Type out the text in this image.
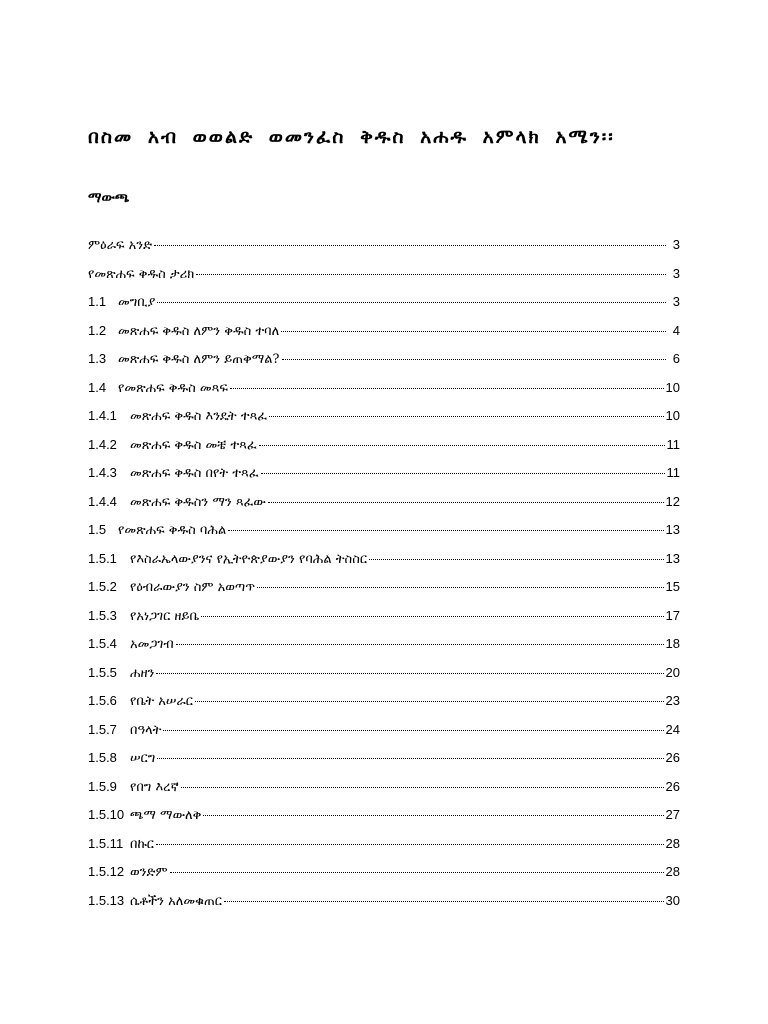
በስመ አብ ወወልድ ወመንፈስ ቅዱስ አሐዱ አምላክ አሜን፡፡
ማውጫ
ምዕራፍ አንድ	3
የመጽሐፍ ቅዱስ ታሪክ	3
1.1 መግቢያ	3
1.2 መጽሐፍ ቅዱስ ለምን ቅዱስ ተባለ	4
1.3 መጽሐፍ ቅዱስ ለምን ይጠቅማል?	6
1.4 የመጽሐፍ ቅዱስ መጻፍ	10
1.4.1	መጽሐፍ ቅዱስ እንዴት ተጻፈ	10
1.4.2	መጽሐፍ ቅዱስ መቼ ተጻፈ	11
1.4.3	መጽሐፍ ቅዱስ በየት ተጻፈ	11
1.4.4	መጽሐፍ ቅዱስን ማን ጻፈው	12
1.5 የመጽሐፍ ቅዱስ ባሕል	13
1.5.1	የእስራኤላውያንና የኢትዮጵያውያን የባሕል ትስስር	13
1.5.2	የዕብራውያን ስም አወጣጥ	15
1.5.3	የአነጋገር ዘይቤ	17
1.5.4	አመጋገብ	18
1.5.5	ሐዘን	20
1.5.6	የቤት አሠራር	23
1.5.7	በዓላት	24
1.5.8	ሠርግ	26
1.5.9	የበግ እረኛ	26
1.5.10 ጫማ ማውለቅ	27
1.5.11 በኩር	28
1.5.12 ወንድም	28
1.5.13 ሴቶችን አለመቁጠር	30
